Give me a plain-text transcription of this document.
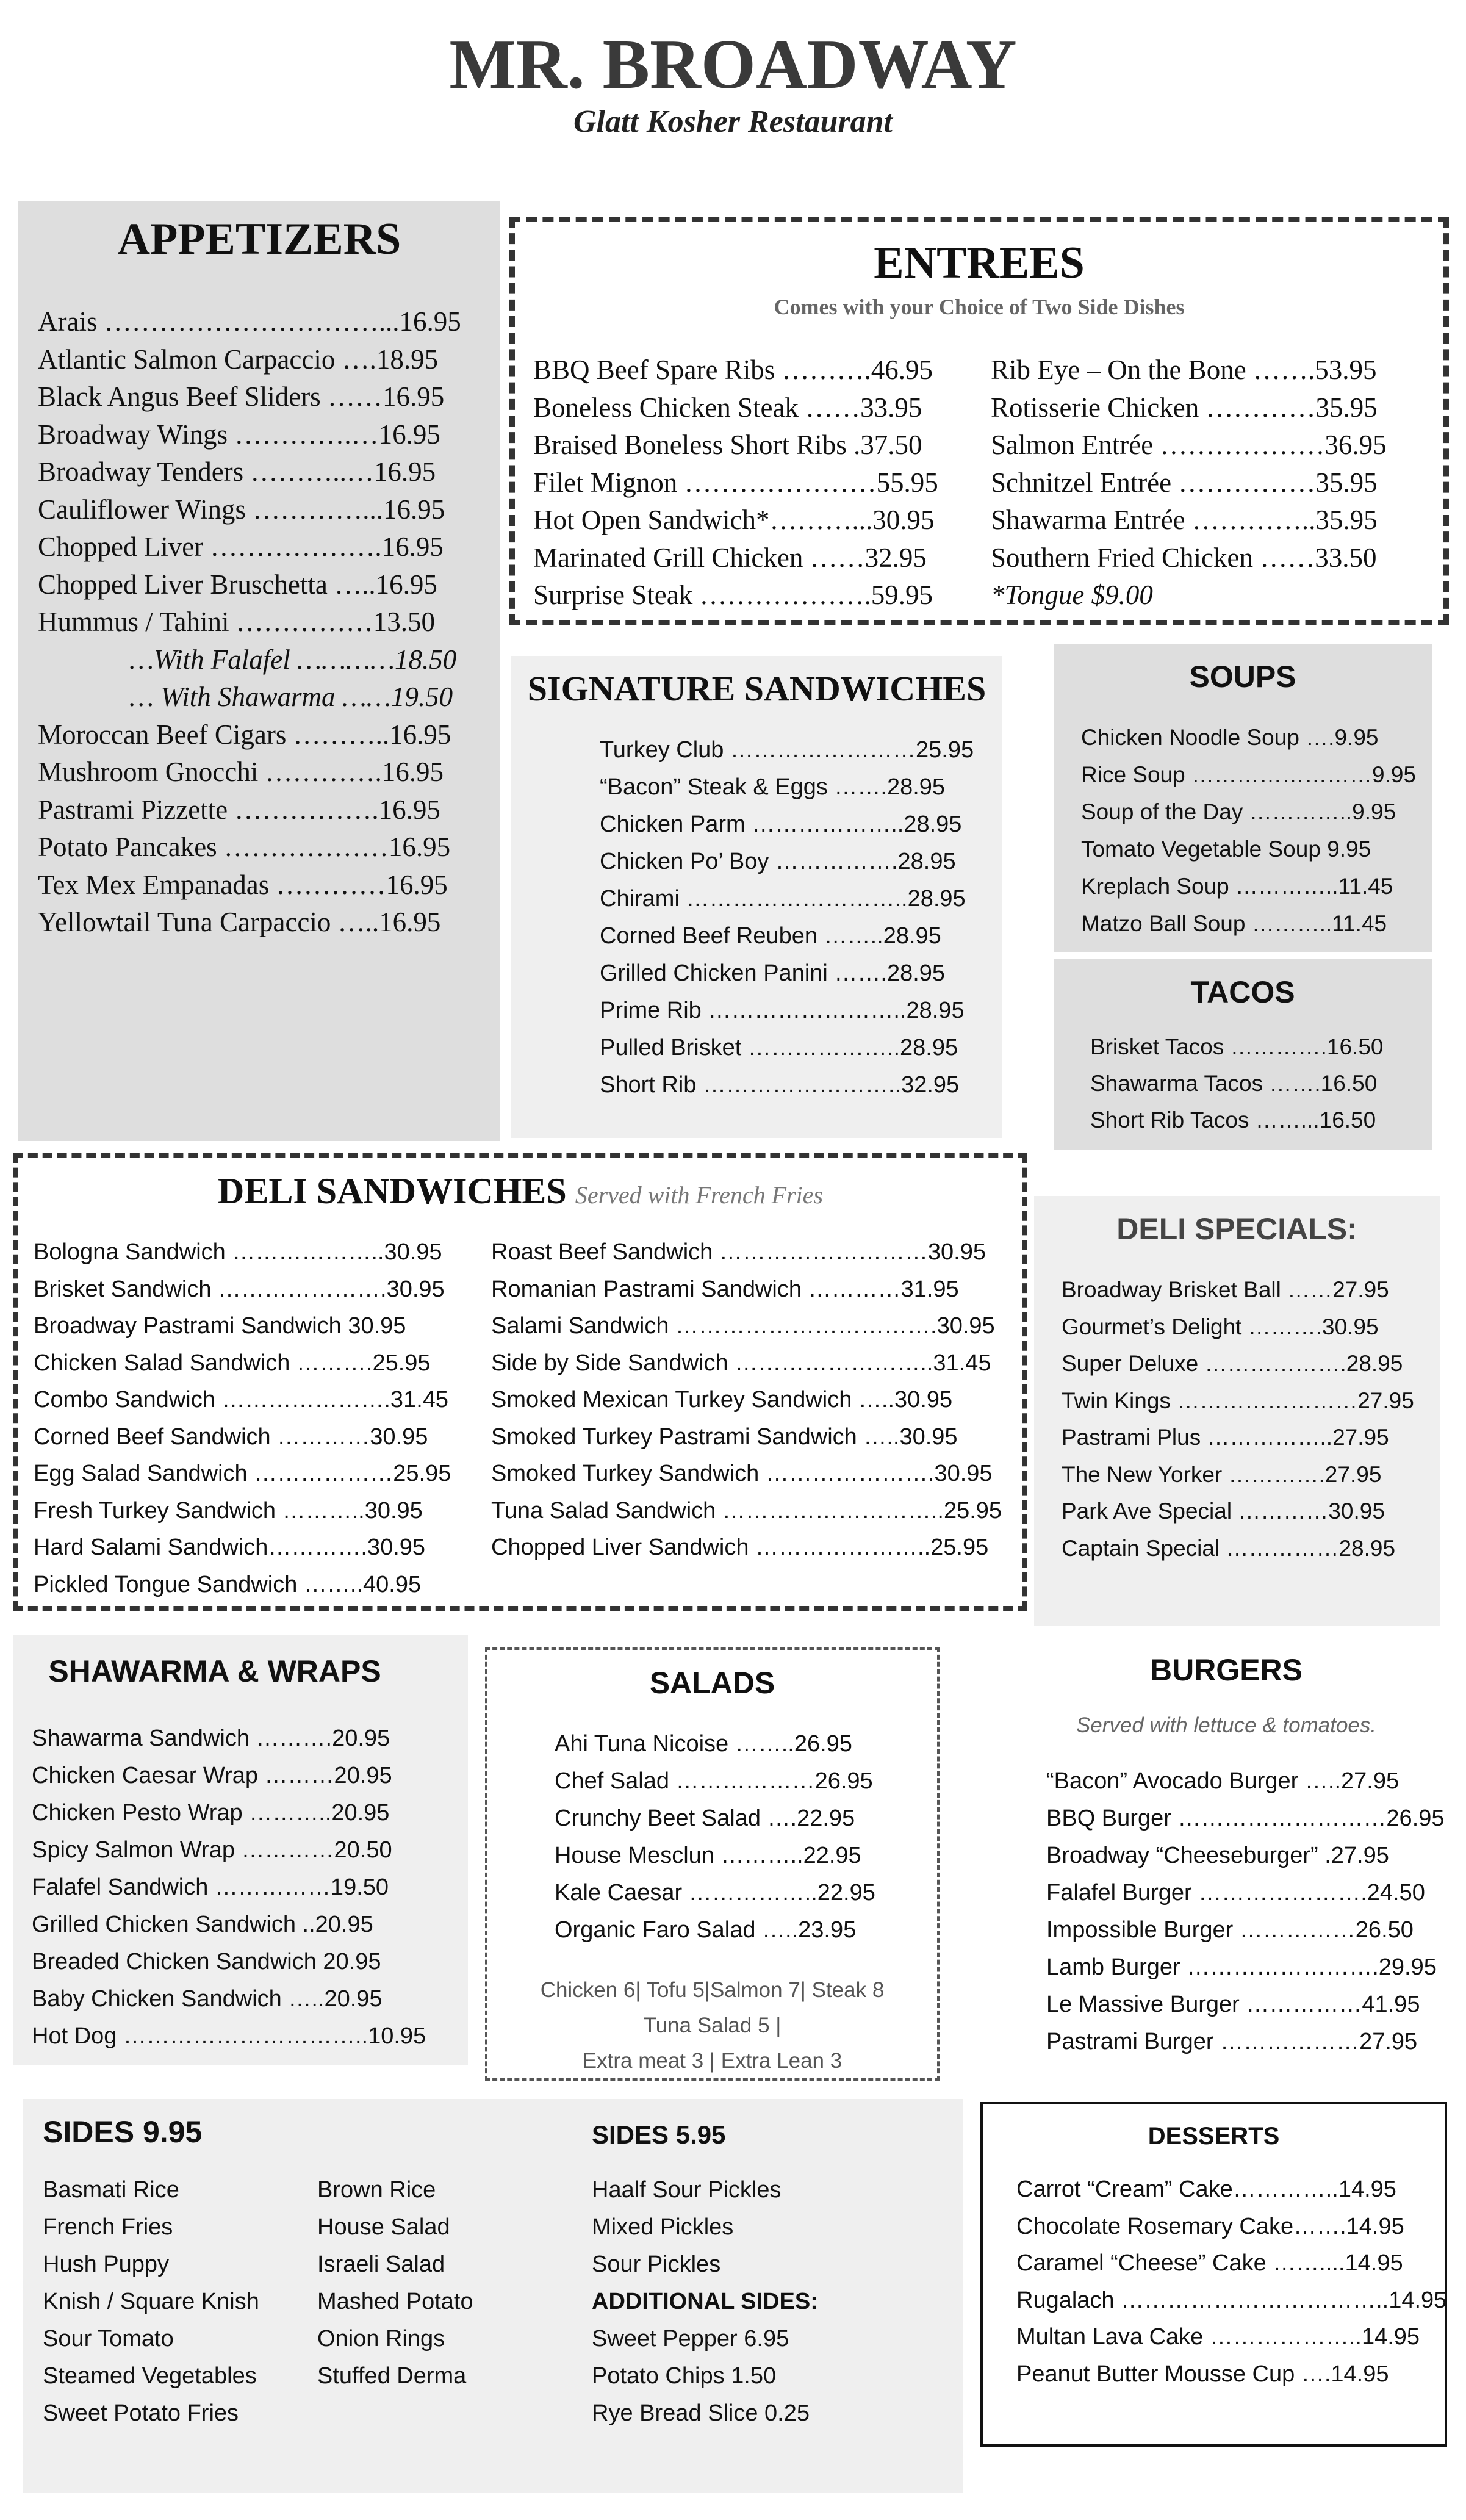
MR. BROADWAY
Glatt Kosher Restaurant
APPETIZERS
Arais …………………………...16.95
Atlantic Salmon Carpaccio ….18.95
Black Angus Beef Sliders ……16.95
Broadway Wings ………….…16.95
Broadway Tenders ………..…16.95
Cauliflower Wings …………...16.95
Chopped Liver ……………….16.95
Chopped Liver Bruschetta …..16.95
Hummus / Tahini ……………13.50
…With Falafel …………18.50
… With Shawarma ……19.50
Moroccan Beef Cigars ………..16.95
Mushroom Gnocchi ………….16.95
Pastrami Pizzette …………….16.95
Potato Pancakes ………………16.95
Tex Mex Empanadas …………16.95
Yellowtail Tuna Carpaccio …..16.95
ENTREES
Comes with your Choice of Two Side Dishes
BBQ Beef Spare Ribs ……….46.95
Boneless Chicken Steak ……33.95
Braised Boneless Short Ribs .37.50
Filet Mignon …………………55.95
Hot Open Sandwich*………...30.95
Marinated Grill Chicken ……32.95
Surprise Steak ……………….59.95
Rib Eye – On the Bone …….53.95
Rotisserie Chicken …………35.95
Salmon Entrée ………………36.95
Schnitzel Entrée ……………35.95
Shawarma Entrée …………..35.95
Southern Fried Chicken ……33.50
*Tongue $9.00
SIGNATURE SANDWICHES
Turkey Club ……………………25.95
“Bacon” Steak & Eggs …….28.95
Chicken Parm ………………..28.95
Chicken Po’ Boy …………….28.95
Chirami ………………………..28.95
Corned Beef Reuben ……..28.95
Grilled Chicken Panini …….28.95
Prime Rib ……………………..28.95
Pulled Brisket ………………..28.95
Short Rib ……………………..32.95
SOUPS
Chicken Noodle Soup ….9.95
Rice Soup ……………………9.95
Soup of the Day …………..9.95
Tomato Vegetable Soup 9.95
Kreplach Soup …………..11.45
Matzo Ball Soup ………..11.45
TACOS
Brisket Tacos ………….16.50
Shawarma Tacos …….16.50
Short Rib Tacos ……...16.50
DELI SANDWICHES Served with French Fries
Bologna Sandwich ………………..30.95
Brisket Sandwich ………………….30.95
Broadway Pastrami Sandwich 30.95
Chicken Salad Sandwich ……….25.95
Combo Sandwich ………………….31.45
Corned Beef Sandwich …………30.95
Egg Salad Sandwich ………………25.95
Fresh Turkey Sandwich ………..30.95
Hard Salami Sandwich………….30.95
Pickled Tongue Sandwich ……..40.95
Roast Beef Sandwich ………………………30.95
Romanian Pastrami Sandwich …………31.95
Salami Sandwich …………………………….30.95
Side by Side Sandwich ……………………..31.45
Smoked Mexican Turkey Sandwich …..30.95
Smoked Turkey Pastrami Sandwich …..30.95
Smoked Turkey Sandwich ………………….30.95
Tuna Salad Sandwich ………………………..25.95
Chopped Liver Sandwich …………………..25.95
DELI SPECIALS:
Broadway Brisket Ball ……27.95
Gourmet’s Delight ……….30.95
Super Deluxe ……………….28.95
Twin Kings ……………………27.95
Pastrami Plus ……………..27.95
The New Yorker ………….27.95
Park Ave Special …………30.95
Captain Special ……………28.95
SHAWARMA & WRAPS
Shawarma Sandwich ……….20.95
Chicken Caesar Wrap ………20.95
Chicken Pesto Wrap ………..20.95
Spicy Salmon Wrap …………20.50
Falafel Sandwich ……………19.50
Grilled Chicken Sandwich ..20.95
Breaded Chicken Sandwich 20.95
Baby Chicken Sandwich …..20.95
Hot Dog …………………………..10.95
SALADS
Ahi Tuna Nicoise ……..26.95
Chef Salad ………………26.95
Crunchy Beet Salad ….22.95
House Mesclun ………..22.95
Kale Caesar ……………..22.95
Organic Faro Salad …..23.95
Chicken 6| Tofu 5|Salmon 7| Steak 8
Tuna Salad 5 |
Extra meat 3 | Extra Lean 3
BURGERS
Served with lettuce & tomatoes.
“Bacon” Avocado Burger …..27.95
BBQ Burger ………………………26.95
Broadway “Cheeseburger” .27.95
Falafel Burger ………………….24.50
Impossible Burger ……………26.50
Lamb Burger …………………….29.95
Le Massive Burger ……………41.95
Pastrami Burger ………………27.95
SIDES 9.95
Basmati Rice
French Fries
Hush Puppy
Knish / Square Knish
Sour Tomato
Steamed Vegetables
Sweet Potato Fries
Brown Rice
House Salad
Israeli Salad
Mashed Potato
Onion Rings
Stuffed Derma
SIDES 5.95
Haalf Sour Pickles
Mixed Pickles
Sour Pickles
ADDITIONAL SIDES:
Sweet Pepper 6.95
Potato Chips 1.50
Rye Bread Slice 0.25
DESSERTS
Carrot “Cream” Cake…………..14.95
Chocolate Rosemary Cake…….14.95
Caramel “Cheese” Cake ……....14.95
Rugalach ……………………………..14.95
Multan Lava Cake ………………..14.95
Peanut Butter Mousse Cup ….14.95
